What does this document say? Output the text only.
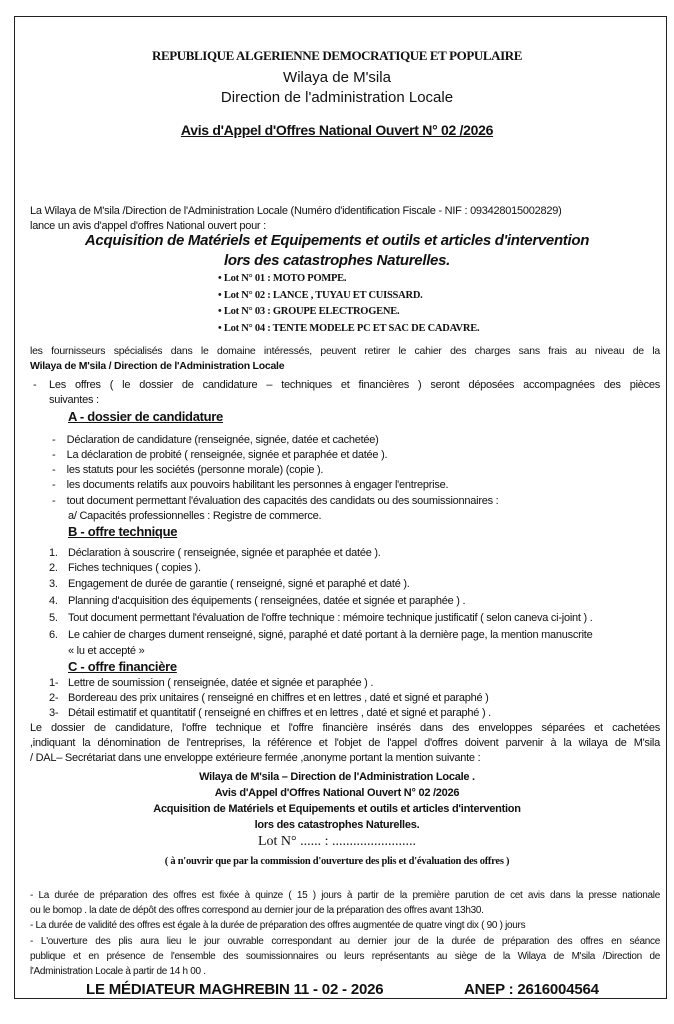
REPUBLIQUE ALGERIENNE DEMOCRATIQUE ET POPULAIRE
Wilaya de M'sila
Direction de l'administration Locale
Avis d'Appel d'Offres National Ouvert N° 02 /2026
La Wilaya de M'sila /Direction de l'Administration Locale (Numéro d'identification Fiscale - NIF : 093428015002829)
lance un avis d'appel d'offres National ouvert pour :
Acquisition de Matériels et Equipements et outils et articles d'intervention
lors des catastrophes Naturelles.
• Lot N° 01 : MOTO POMPE.
• Lot N° 02 : LANCE , TUYAU ET CUISSARD.
• Lot N° 03 : GROUPE ELECTROGENE.
• Lot N° 04 : TENTE MODELE PC ET SAC DE CADAVRE.
les fournisseurs spécialisés dans le domaine intéressés, peuvent retirer le cahier des charges sans frais au niveau de la
Wilaya de M'sila / Direction de l'Administration Locale
- Les offres ( le dossier de candidature – techniques et financières ) seront déposées accompagnées des pièces
suivantes :
A - dossier de candidature
-    Déclaration de candidature (renseignée, signée, datée et cachetée)
-    La déclaration de probité ( renseignée, signée et paraphée et datée ).
-    les statuts pour les sociétés (personne morale) (copie ).
-    les documents relatifs aux pouvoirs habilitant les personnes à engager l'entreprise.
-    tout document permettant l'évaluation des capacités des candidats ou des soumissionnaires :
a/ Capacités professionnelles : Registre de commerce.
B - offre technique
1. Déclaration à souscrire ( renseignée, signée et paraphée et datée ).
2. Fiches techniques ( copies ).
3. Engagement de durée de garantie ( renseigné, signé et paraphé et daté ).
4. Planning d'acquisition des équipements ( renseignées, datée et signée et paraphée ) .
5. Tout document permettant l'évaluation de l'offre technique : mémoire technique justificatif ( selon caneva ci-joint ) .
6. Le cahier de charges dument renseigné, signé, paraphé et daté portant à la dernière page, la mention manuscrite
« lu et accepté »
C - offre financière
1- Lettre de soumission ( renseignée, datée et signée et paraphée ) .
2- Bordereau des prix unitaires ( renseigné en chiffres et en lettres , daté et signé et paraphé )
3- Détail estimatif et quantitatif ( renseigné en chiffres et en lettres , daté et signé et paraphé ) .
Le dossier de candidature, l'offre technique et l'offre financière insérés dans des enveloppes séparées et cachetées
,indiquant la dénomination de l'entreprises, la référence et l'objet de l'appel d'offres doivent parvenir à la wilaya de M'sila
/ DAL– Secrétariat dans une enveloppe extérieure fermée ,anonyme portant la mention suivante :
Wilaya de M'sila – Direction de l'Administration Locale .
Avis d'Appel d'Offres National Ouvert N° 02 /2026
Acquisition de Matériels et Equipements et outils et articles d'intervention
lors des catastrophes Naturelles.
Lot N° ...... : ........................
( à n'ouvrir que par la commission d'ouverture des plis et d'évaluation des offres )
- La durée de préparation des offres est fixée à quinze ( 15 ) jours à partir de la première parution de cet avis dans la presse nationale
ou le bomop . la date de dépôt des offres correspond au dernier jour de la préparation des offres avant 13h30.
- La durée de validité des offres est égale à la durée de préparation des offres augmentée de quatre vingt dix ( 90 ) jours
- L'ouverture des plis aura lieu le jour ouvrable correspondant au dernier jour de la durée de préparation des offres en séance
publique et en présence de l'ensemble des soumissionnaires ou leurs représentants au siège de la Wilaya de M'sila /Direction de
l'Administration Locale à partir de 14 h 00 .
LE MÉDIATEUR MAGHREBIN 11 - 02 - 2026	ANEP : 2616004564
